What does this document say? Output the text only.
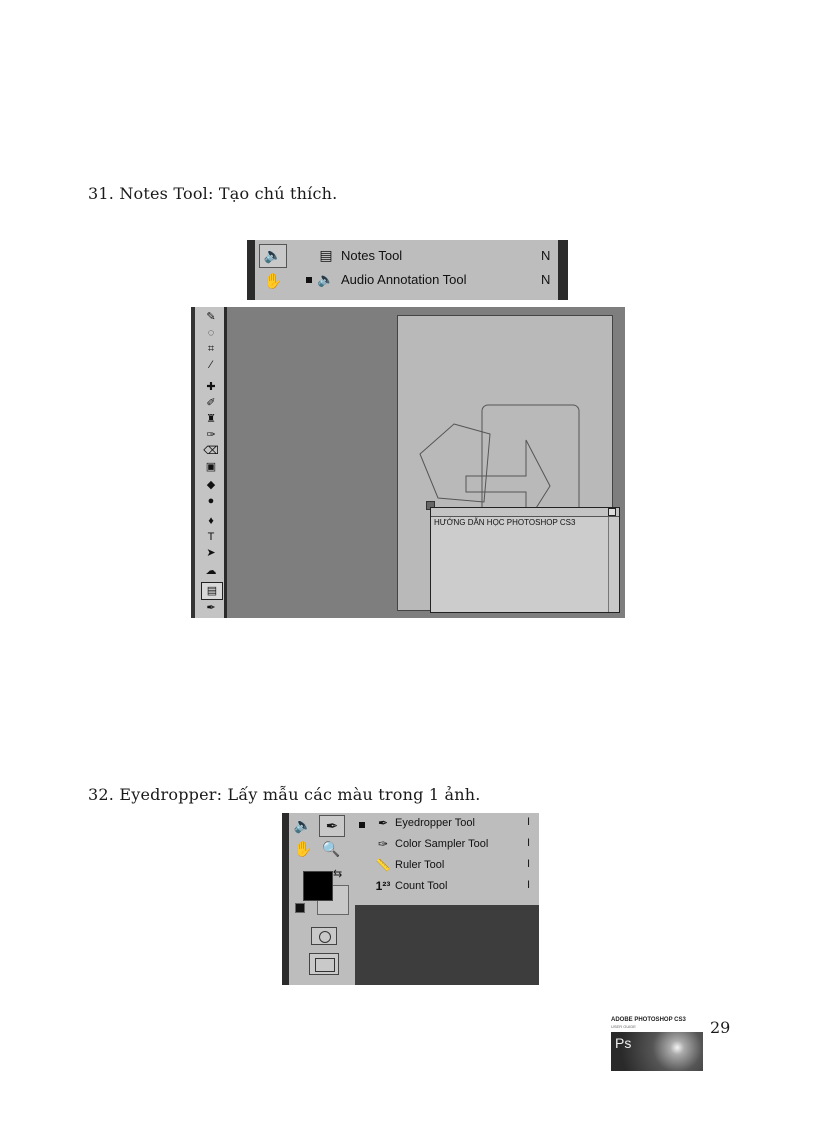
31. Notes Tool: Tạo chú thích.
🔈
✋
▤ Notes Tool	N
🔈 Audio Annotation Tool	N
✎
◌
⌗
⁄
✚
✐
♜
✑
⌫
▣
◆
●
♦
T
➤
☁
▤
✒
HƯỚNG DẪN HỌC PHOTOSHOP CS3
32. Eyedropper: Lấy mẫu các màu trong 1 ảnh.
🔈 ✒
✋ 🔍
⇆
✒ Eyedropper Tool	I
✑ Color Sampler Tool	I
📏 Ruler Tool	I
1²³ Count Tool	I
ADOBE PHOTOSHOP CS3
USER GUIDE
Ps
29
